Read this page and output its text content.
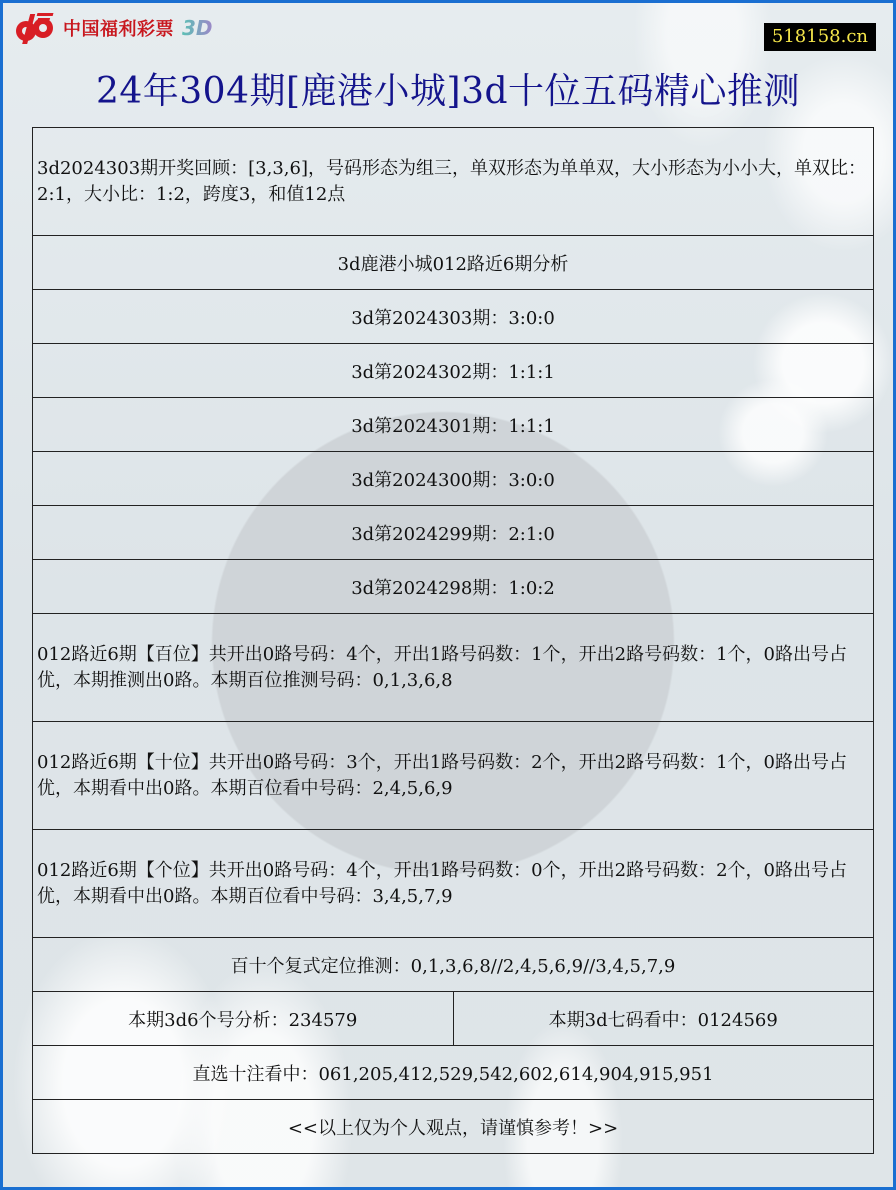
中国福利彩票 3D	518158.cn
24年304期[鹿港小城]3d十位五码精心推测
3d2024303期开奖回顾：[3,3,6]，号码形态为组三，单双形态为单单双，大小形态为小小大，单双比：2:1，大小比：1:2，跨度3，和值12点
3d鹿港小城012路近6期分析
3d第2024303期：3:0:0
3d第2024302期：1:1:1
3d第2024301期：1:1:1
3d第2024300期：3:0:0
3d第2024299期：2:1:0
3d第2024298期：1:0:2
012路近6期【百位】共开出0路号码：4个，开出1路号码数：1个，开出2路号码数：1个，0路出号占优，本期推测出0路。本期百位推测号码：0,1,3,6,8
012路近6期【十位】共开出0路号码：3个，开出1路号码数：2个，开出2路号码数：1个，0路出号占优，本期看中出0路。本期百位看中号码：2,4,5,6,9
012路近6期【个位】共开出0路号码：4个，开出1路号码数：0个，开出2路号码数：2个，0路出号占优，本期看中出0路。本期百位看中号码：3,4,5,7,9
百十个复式定位推测：0,1,3,6,8//2,4,5,6,9//3,4,5,7,9
本期3d6个号分析：234579	本期3d七码看中：0124569
直选十注看中：061,205,412,529,542,602,614,904,915,951
<<以上仅为个人观点，请谨慎参考！>>
